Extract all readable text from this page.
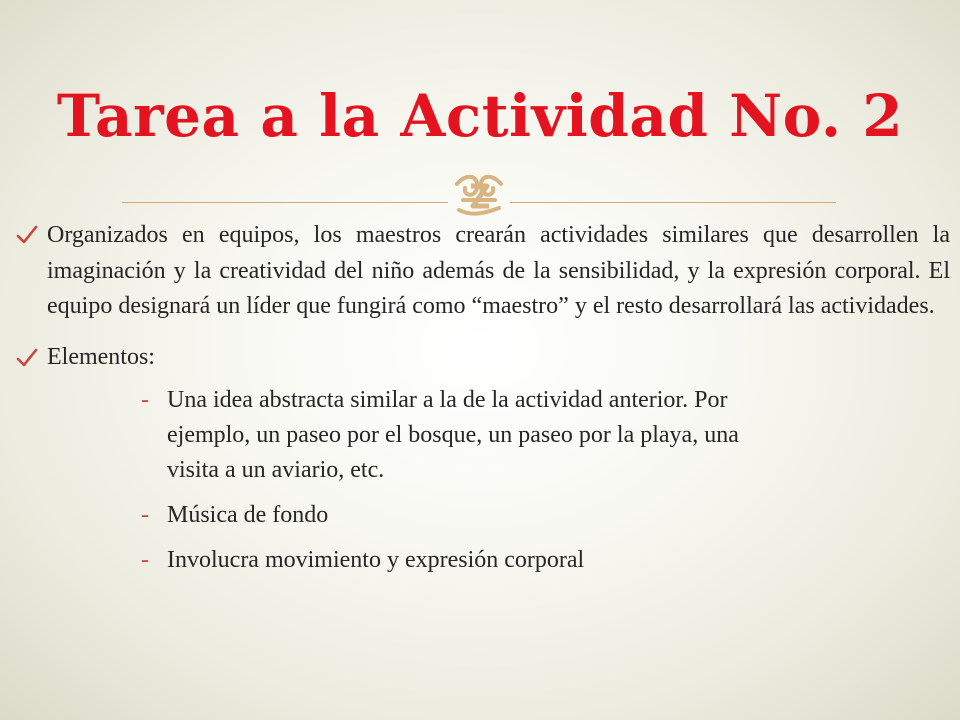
Tarea a la Actividad No. 2
Organizados en equipos, los maestros crearán actividades similares que desarrollen la imaginación y la creatividad del niño además de la sensibilidad, y la expresión corporal. El equipo designará un líder que fungirá como “maestro” y el resto desarrollará las actividades.
Elementos:
- Una idea abstracta similar a la de la actividad anterior. Por ejemplo, un paseo por el bosque, un paseo por la playa, una visita a un aviario, etc.
- Música de fondo
- Involucra movimiento y expresión corporal
